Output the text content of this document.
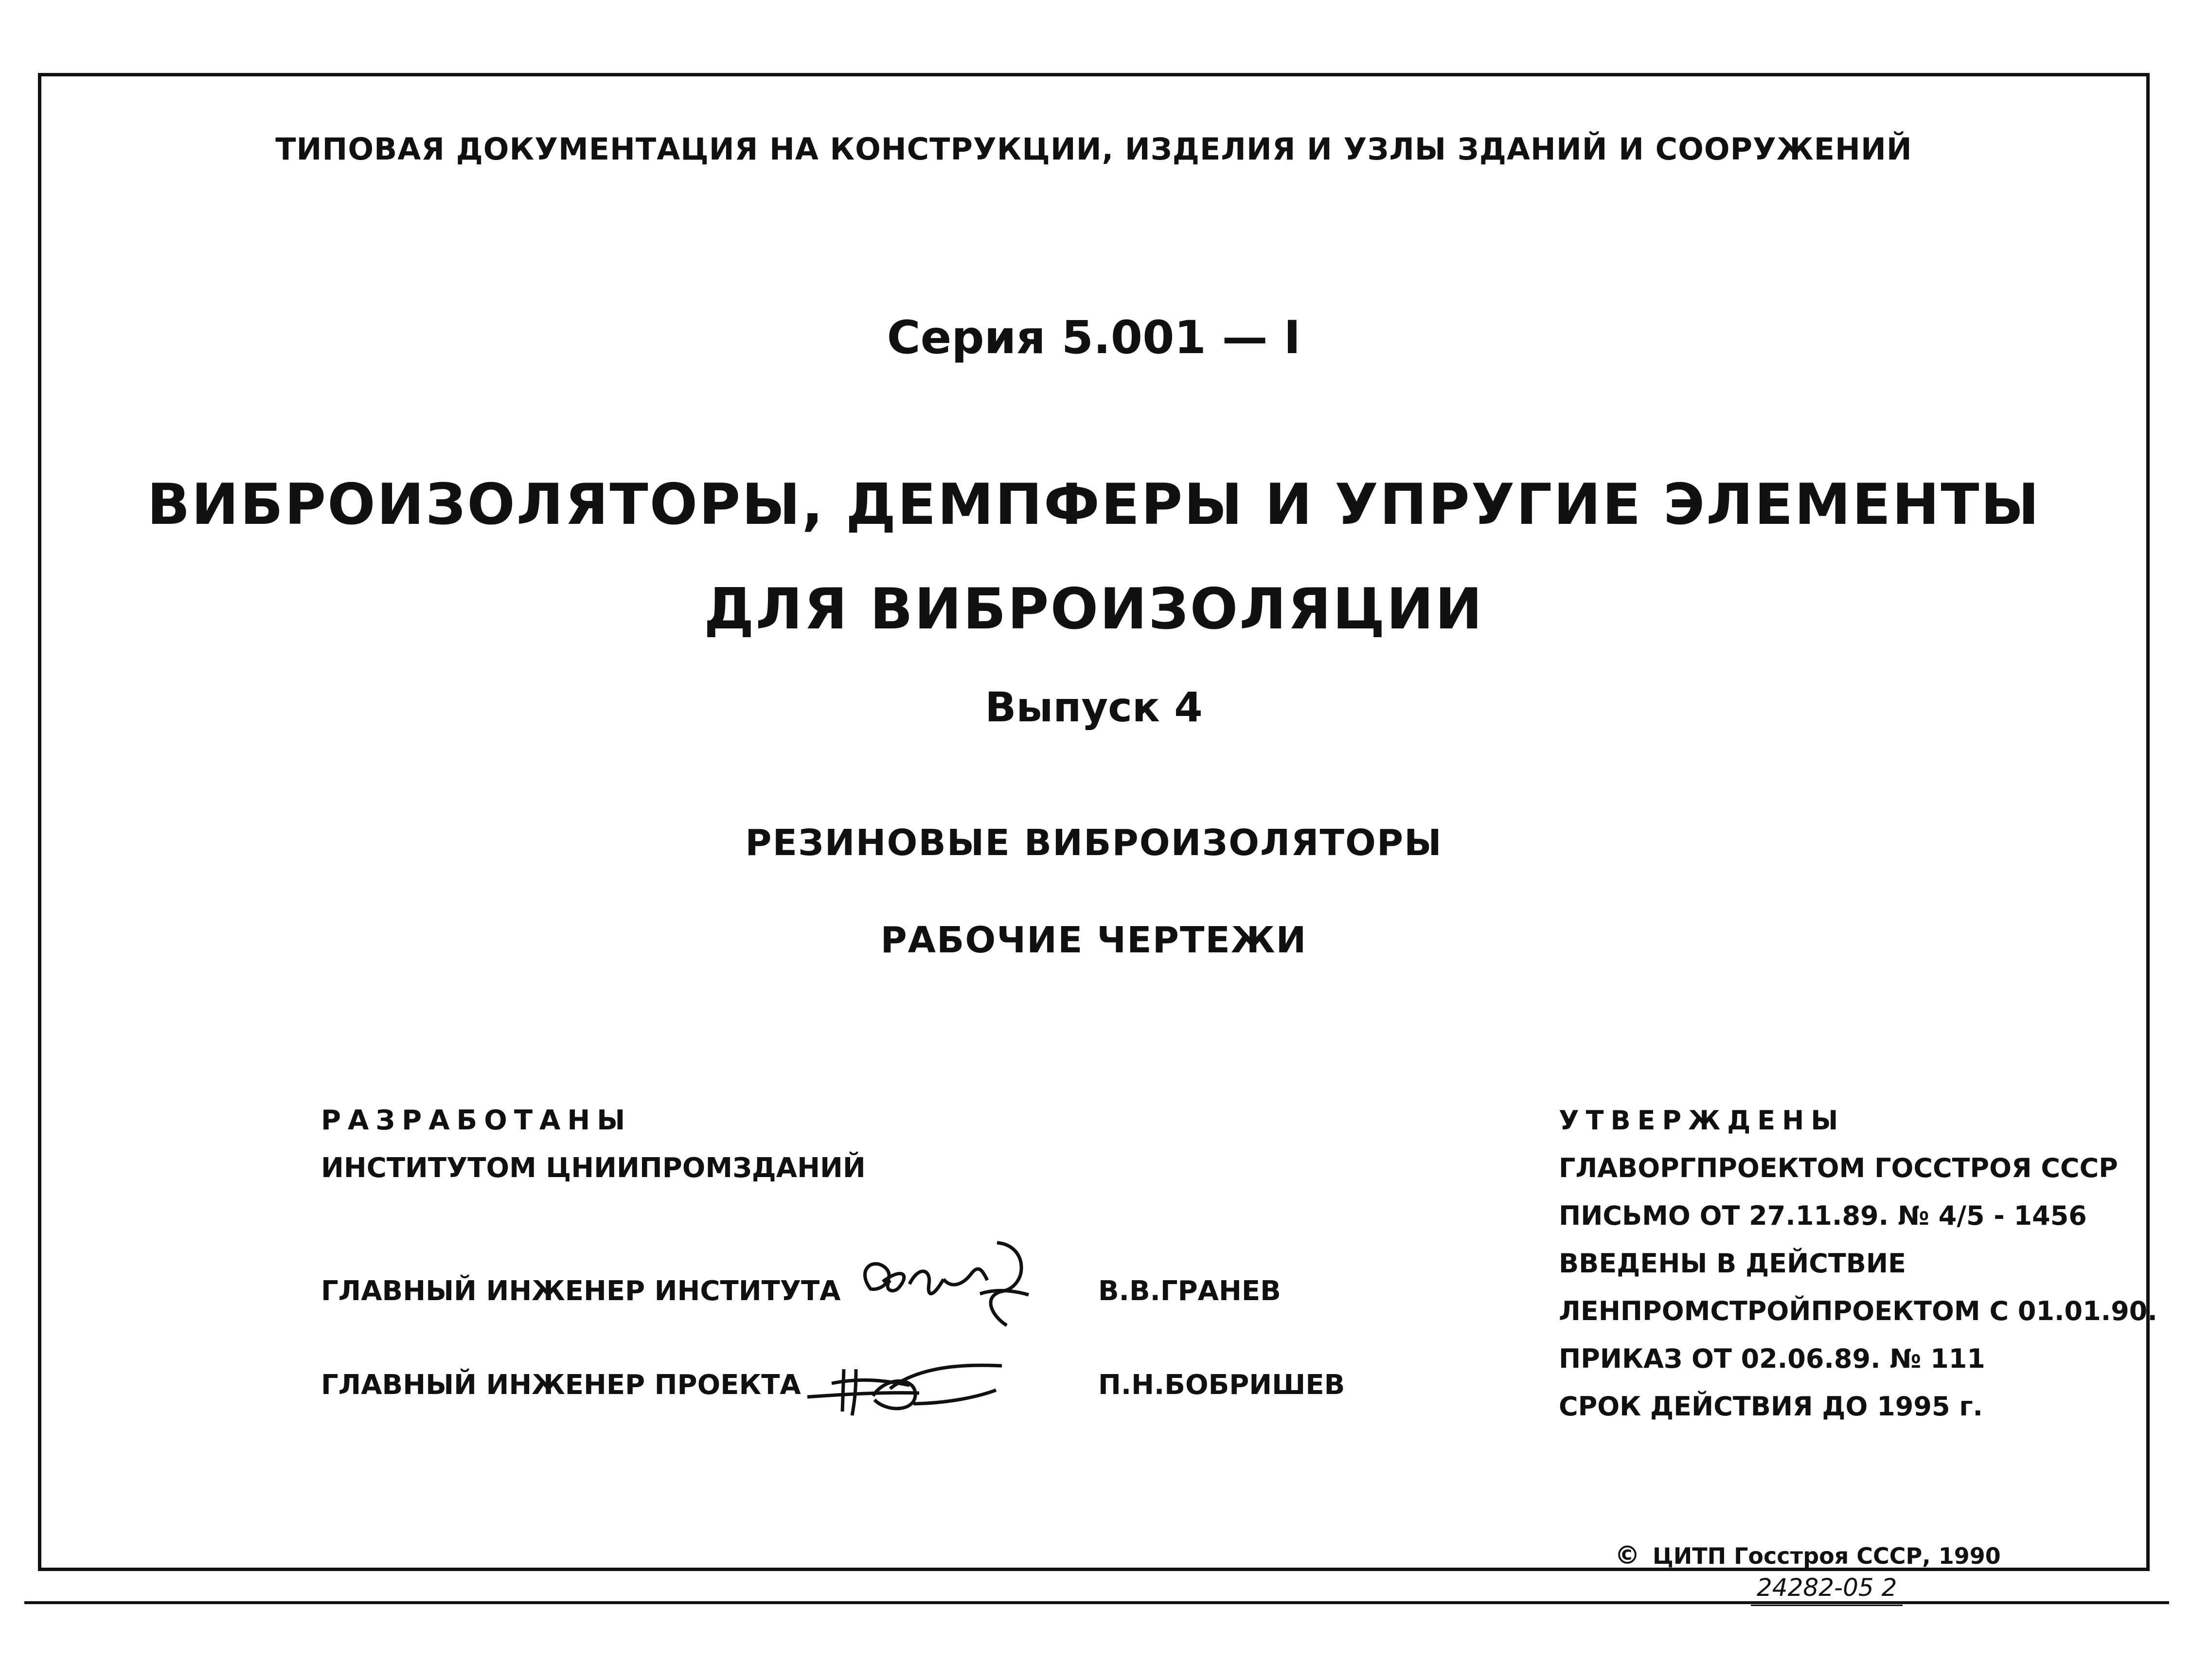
ТИПОВАЯ ДОКУМЕНТАЦИЯ НА КОНСТРУКЦИИ, ИЗДЕЛИЯ И УЗЛЫ ЗДАНИЙ И СООРУЖЕНИЙ

Серия 5.001 — I

ВИБРОИЗОЛЯТОРЫ, ДЕМПФЕРЫ И УПРУГИЕ ЭЛЕМЕНТЫ

ДЛЯ ВИБРОИЗОЛЯЦИИ

Выпуск 4

РЕЗИНОВЫЕ ВИБРОИЗОЛЯТОРЫ

РАБОЧИЕ ЧЕРТЕЖИ

РАЗРАБОТАНЫ
ИНСТИТУТОМ ЦНИИПРОМЗДАНИЙ

ГЛАВНЫЙ ИНЖЕНЕР ИНСТИТУТА	В.В.ГРАНЕВ

ГЛАВНЫЙ ИНЖЕНЕР ПРОЕКТА	П.Н.БОБРИШЕВ

УТВЕРЖДЕНЫ
ГЛАВОРГПРОЕКТОМ ГОССТРОЯ СССР
ПИСЬМО ОТ 27.11.89. № 4/5 - 1456
ВВЕДЕНЫ В ДЕЙСТВИЕ
ЛЕНПРОМСТРОЙПРОЕКТОМ С 01.01.90.
ПРИКАЗ ОТ 02.06.89. № 111
СРОК ДЕЙСТВИЯ ДО 1995 г.
© ЦИТП Госстроя СССР, 1990
24282-05 2
